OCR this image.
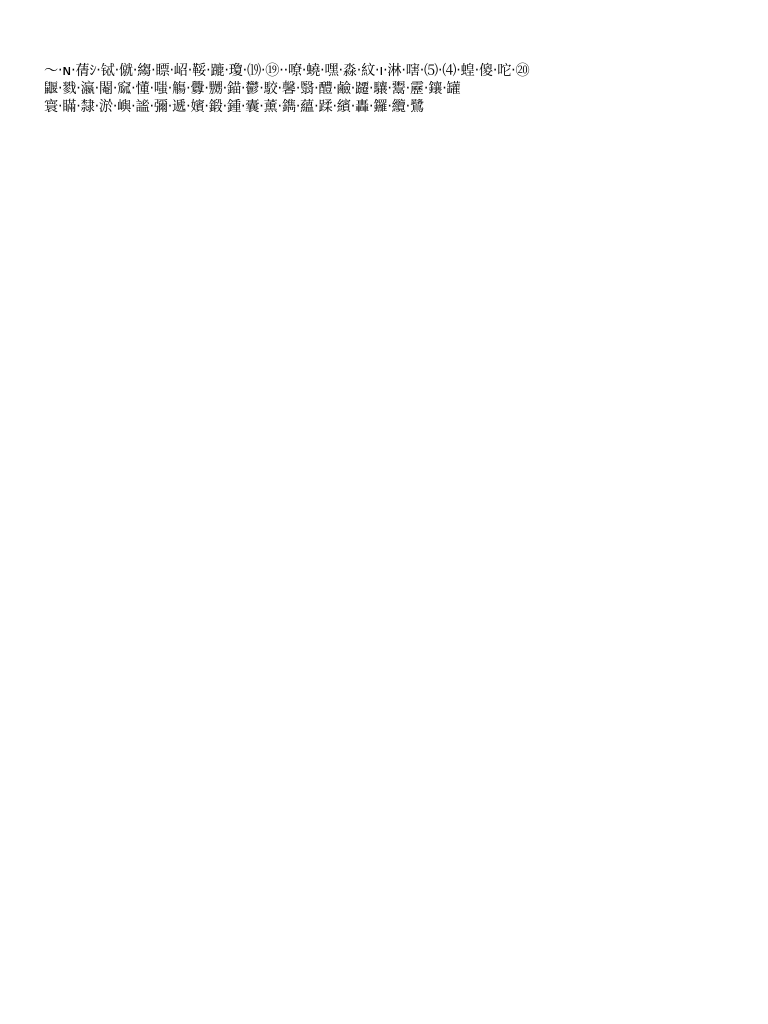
～‧ɴ‧蒨ｼ‧铽‧僦‧縐‧瞟‧岹‧鞖‧蹗‧瓊‧⒆‧⑲‧‧嘹‧蟯‧嘿‧淼‧紋‧ı‧淋‧嗐‧⑸‧⑷‧蝗‧傻‧咜‧⑳
鼴‧戮‧瀛‧閹‧窳‧懂‧嗤‧觴‧釁‧嬲‧錨‧鬱‧駮‧馨‧翳‧醴‧鹼‧躚‧驤‧鬻‧靂‧鑲‧罐
寰‧瞞‧隸‧淤‧嶼‧謐‧彌‧遞‧嬪‧鍛‧鍾‧囊‧薰‧鐫‧蘊‧蹂‧繽‧轟‧鑼‧纜‧鷺
